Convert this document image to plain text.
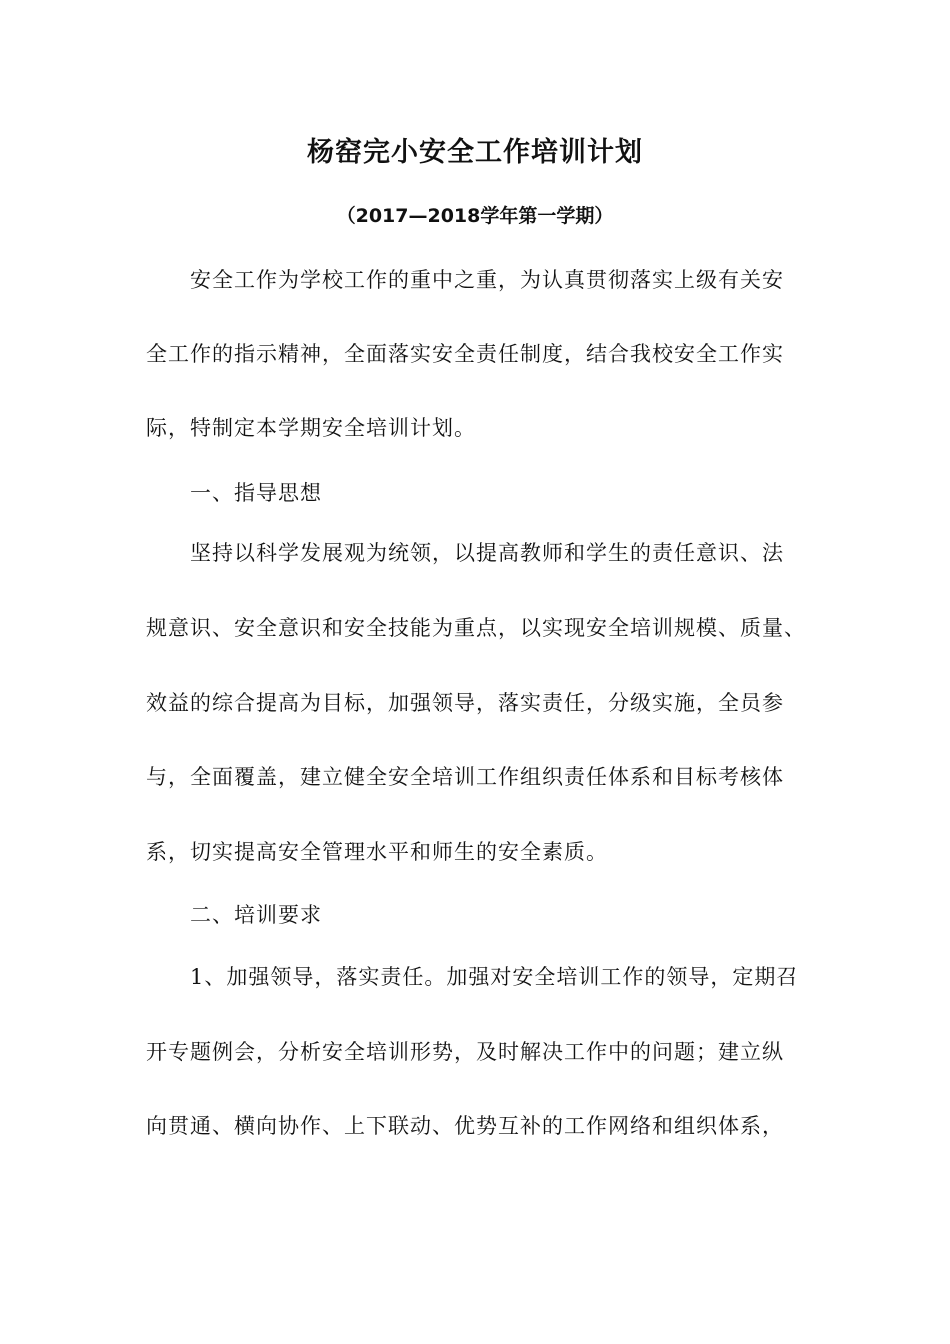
杨窑完小安全工作培训计划
（2017—2018学年第一学期）

安全工作为学校工作的重中之重，为认真贯彻落实上级有关安

全工作的指示精神，全面落实安全责任制度，结合我校安全工作实

际，特制定本学期安全培训计划。

一、指导思想

坚持以科学发展观为统领，以提高教师和学生的责任意识、法

规意识、安全意识和安全技能为重点，以实现安全培训规模、质量、

效益的综合提高为目标，加强领导，落实责任，分级实施，全员参

与，全面覆盖，建立健全安全培训工作组织责任体系和目标考核体

系，切实提高安全管理水平和师生的安全素质。

二、培训要求

1、加强领导，落实责任。加强对安全培训工作的领导，定期召

开专题例会，分析安全培训形势，及时解决工作中的问题；建立纵

向贯通、横向协作、上下联动、优势互补的工作网络和组织体系，
